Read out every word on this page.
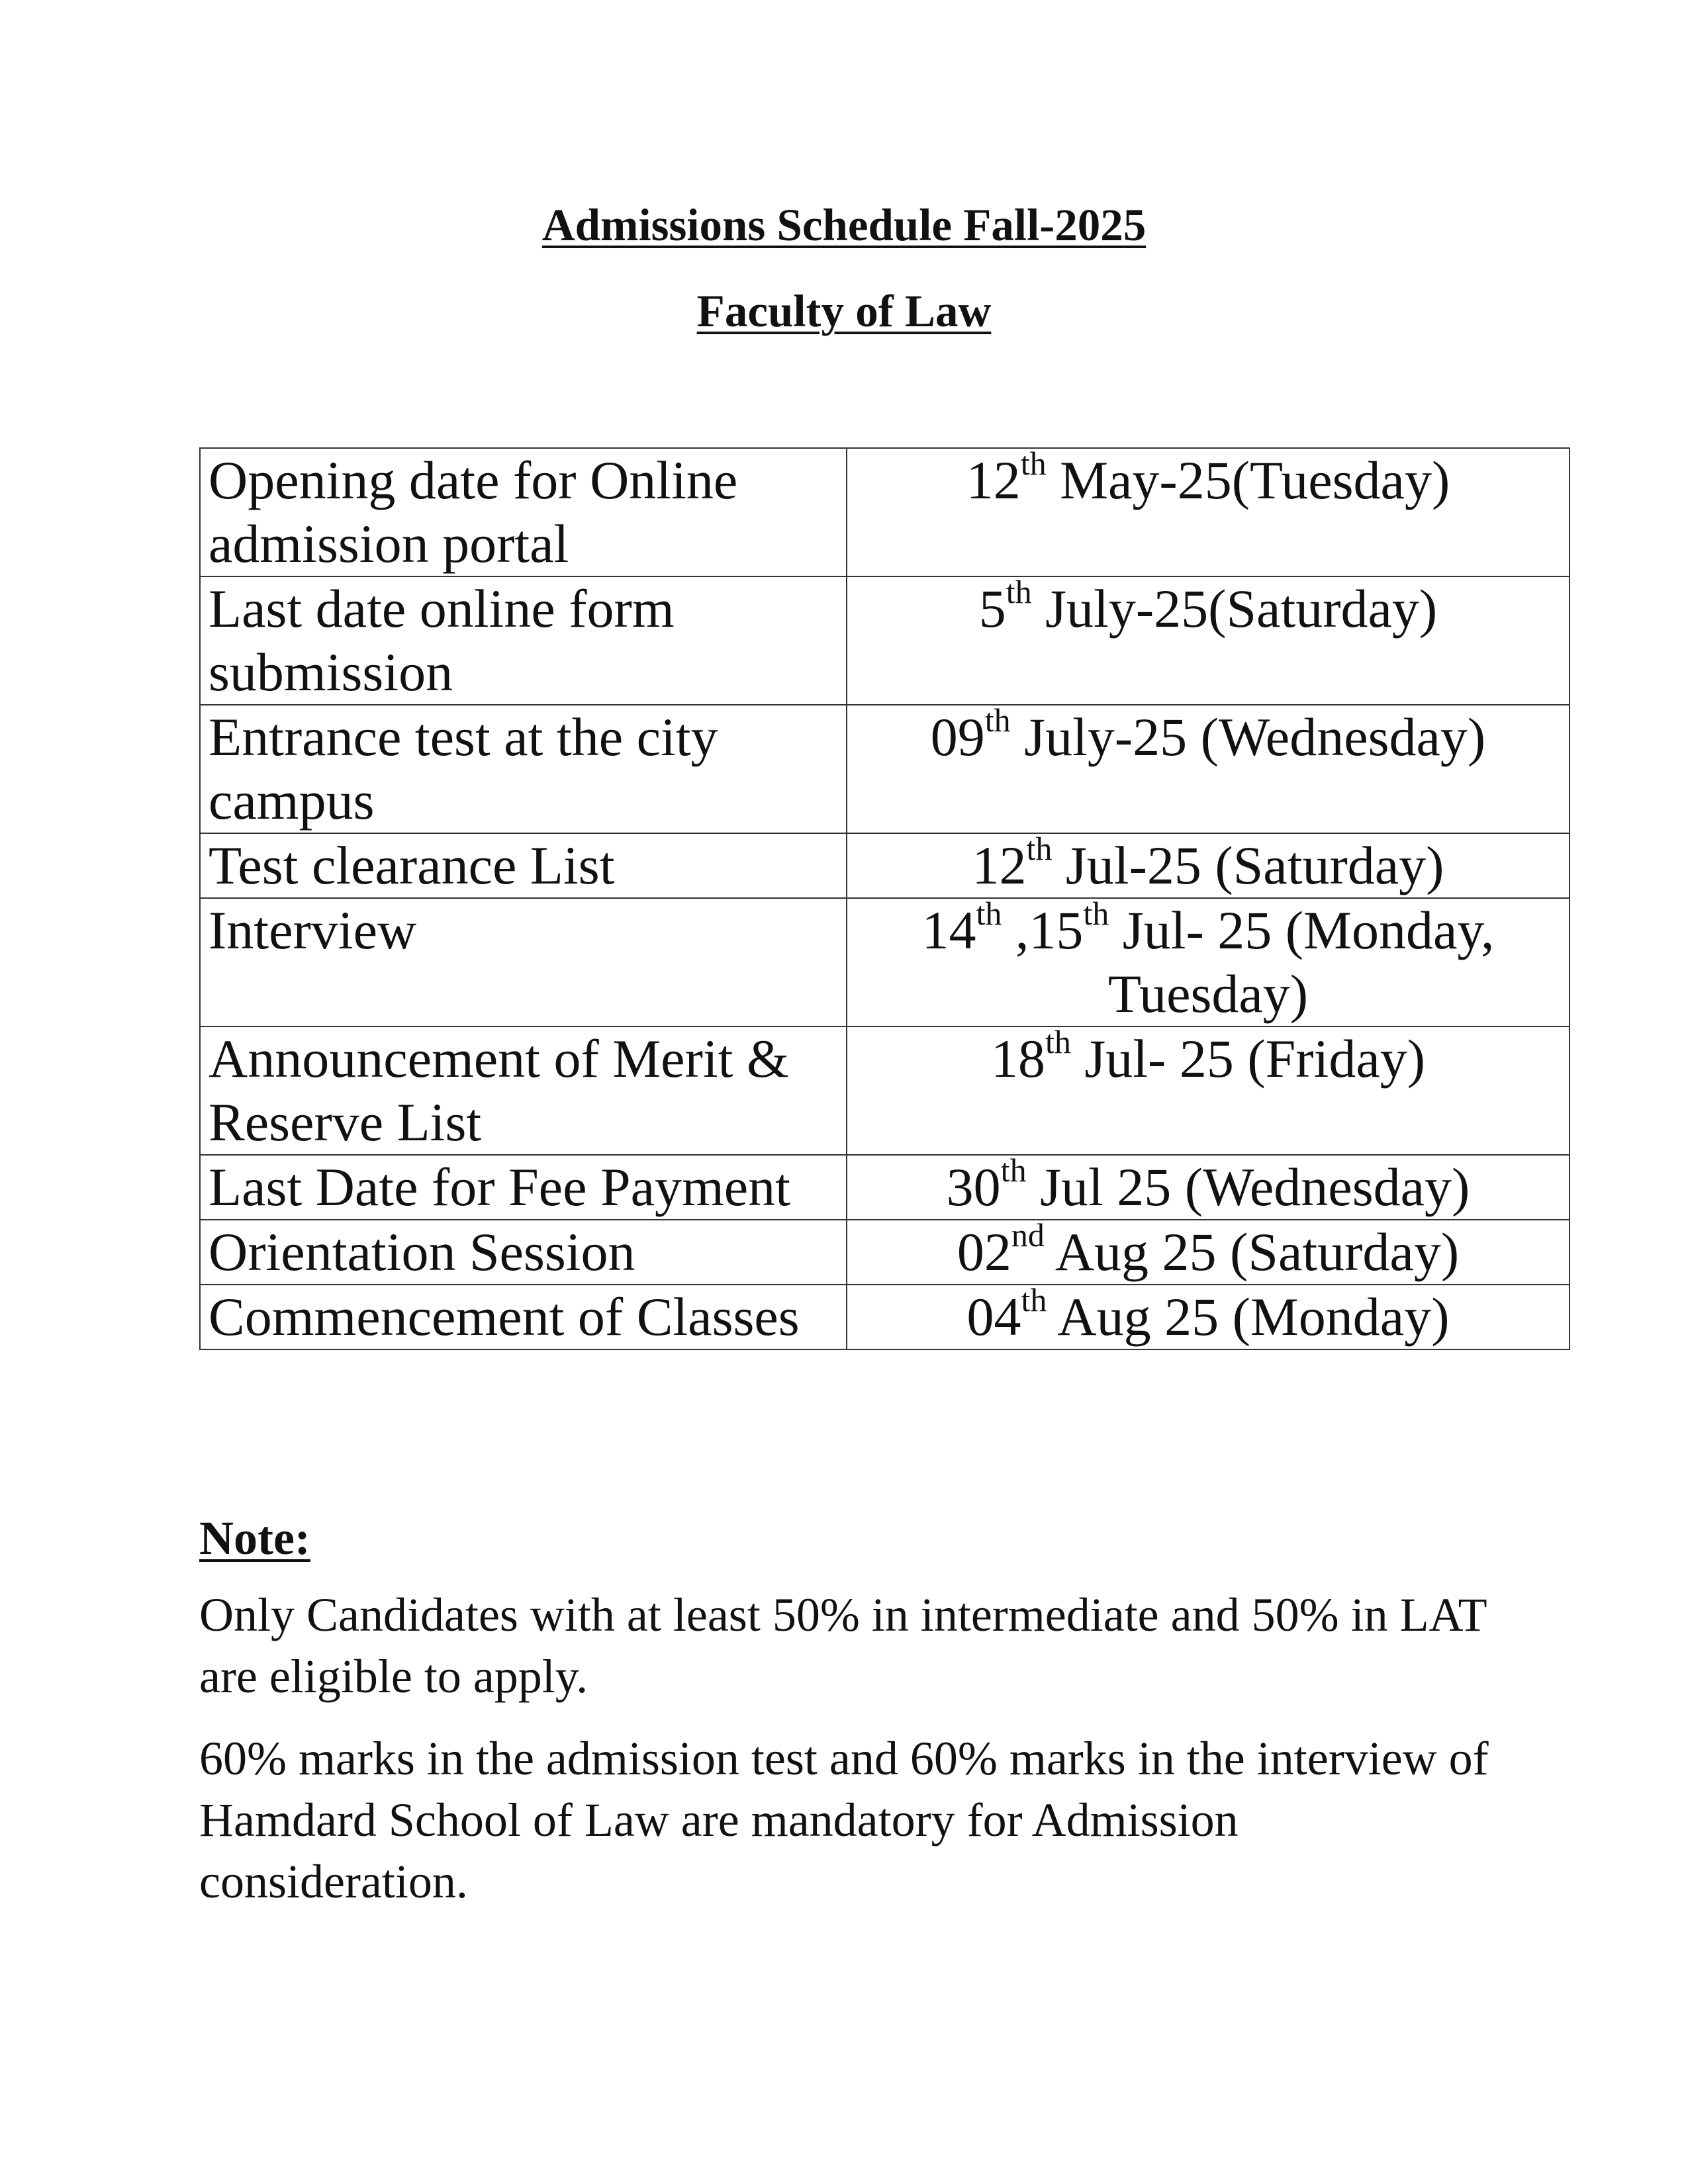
Admissions Schedule Fall-2025
Faculty of Law
Opening date for Online admission portal	12th May-25(Tuesday)
Last date online form submission	5th July-25(Saturday)
Entrance test at the city campus	09th July-25 (Wednesday)
Test clearance List	12th Jul-25 (Saturday)
Interview	14th ,15th Jul- 25 (Monday, Tuesday)
Announcement of Merit & Reserve List	18th Jul- 25 (Friday)
Last Date for Fee Payment	30th Jul 25 (Wednesday)
Orientation Session	02nd Aug 25 (Saturday)
Commencement of Classes	04th Aug 25 (Monday)
Note:
Only Candidates with at least 50% in intermediate and 50% in LAT are eligible to apply.
60% marks in the admission test and 60% marks in the interview of Hamdard School of Law are mandatory for Admission consideration.
